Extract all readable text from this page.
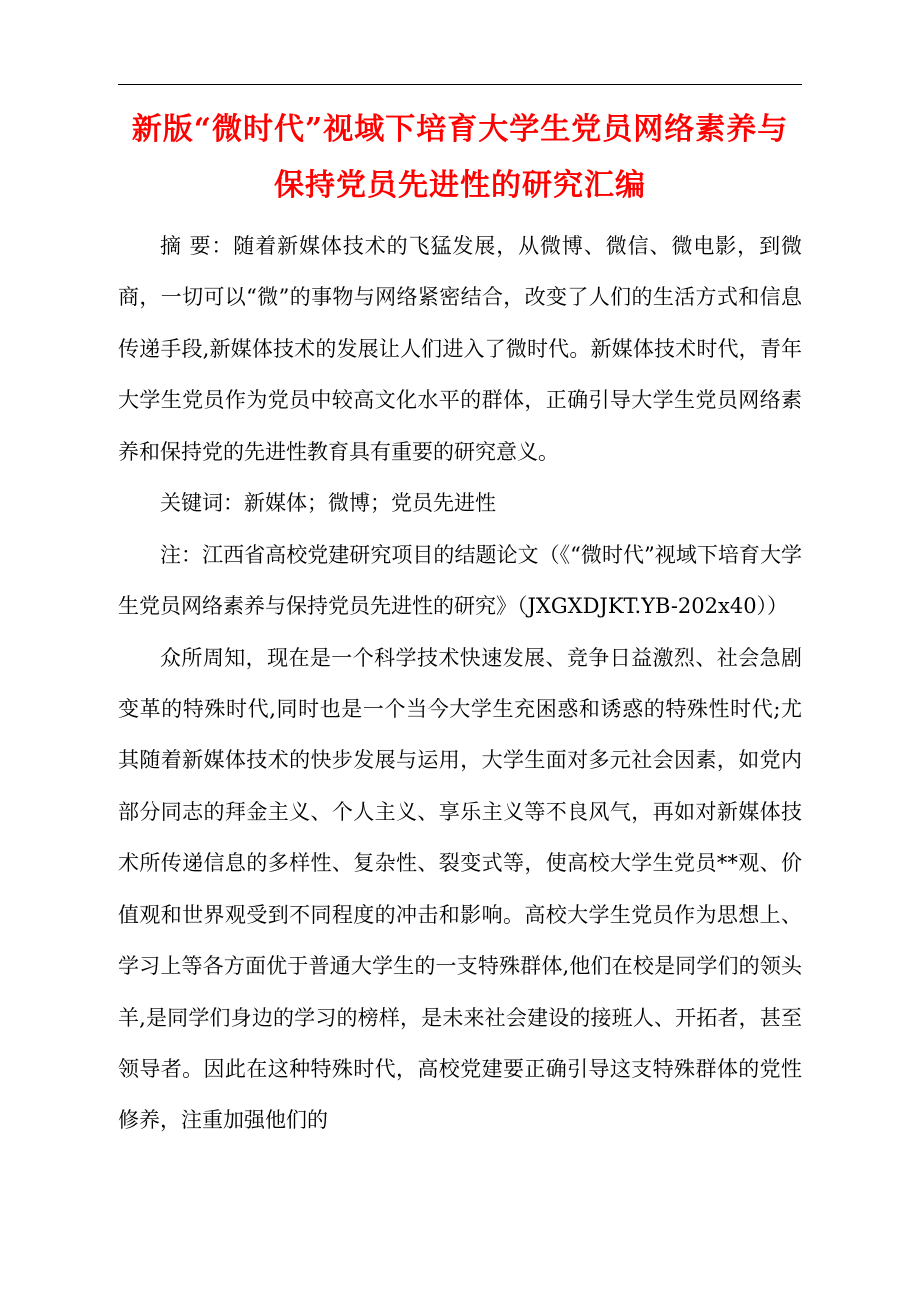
新版“微时代”视域下培育大学生党员网络素养与保持党员先进性的研究汇编

摘 要：随着新媒体技术的飞猛发展，从微博、微信、微电影，到微商，一切可以“微”的事物与网络紧密结合，改变了人们的生活方式和信息传递手段,新媒体技术的发展让人们进入了微时代。新媒体技术时代，青年大学生党员作为党员中较高文化水平的群体，正确引导大学生党员网络素养和保持党的先进性教育具有重要的研究意义。

关键词：新媒体；微博；党员先进性

注：江西省高校党建研究项目的结题论文（《“微时代”视域下培育大学生党员网络素养与保持党员先进性的研究》（JXGXDJKT.YB-202x40））

众所周知，现在是一个科学技术快速发展、竞争日益激烈、社会急剧变革的特殊时代,同时也是一个当今大学生充困惑和诱惑的特殊性时代;尤其随着新媒体技术的快步发展与运用，大学生面对多元社会因素，如党内部分同志的拜金主义、个人主义、享乐主义等不良风气，再如对新媒体技术所传递信息的多样性、复杂性、裂变式等，使高校大学生党员**观、价值观和世界观受到不同程度的冲击和影响。高校大学生党员作为思想上、学习上等各方面优于普通大学生的一支特殊群体,他们在校是同学们的领头羊,是同学们身边的学习的榜样，是未来社会建设的接班人、开拓者，甚至领导者。因此在这种特殊时代，高校党建要正确引导这支特殊群体的党性修养，注重加强他们的
